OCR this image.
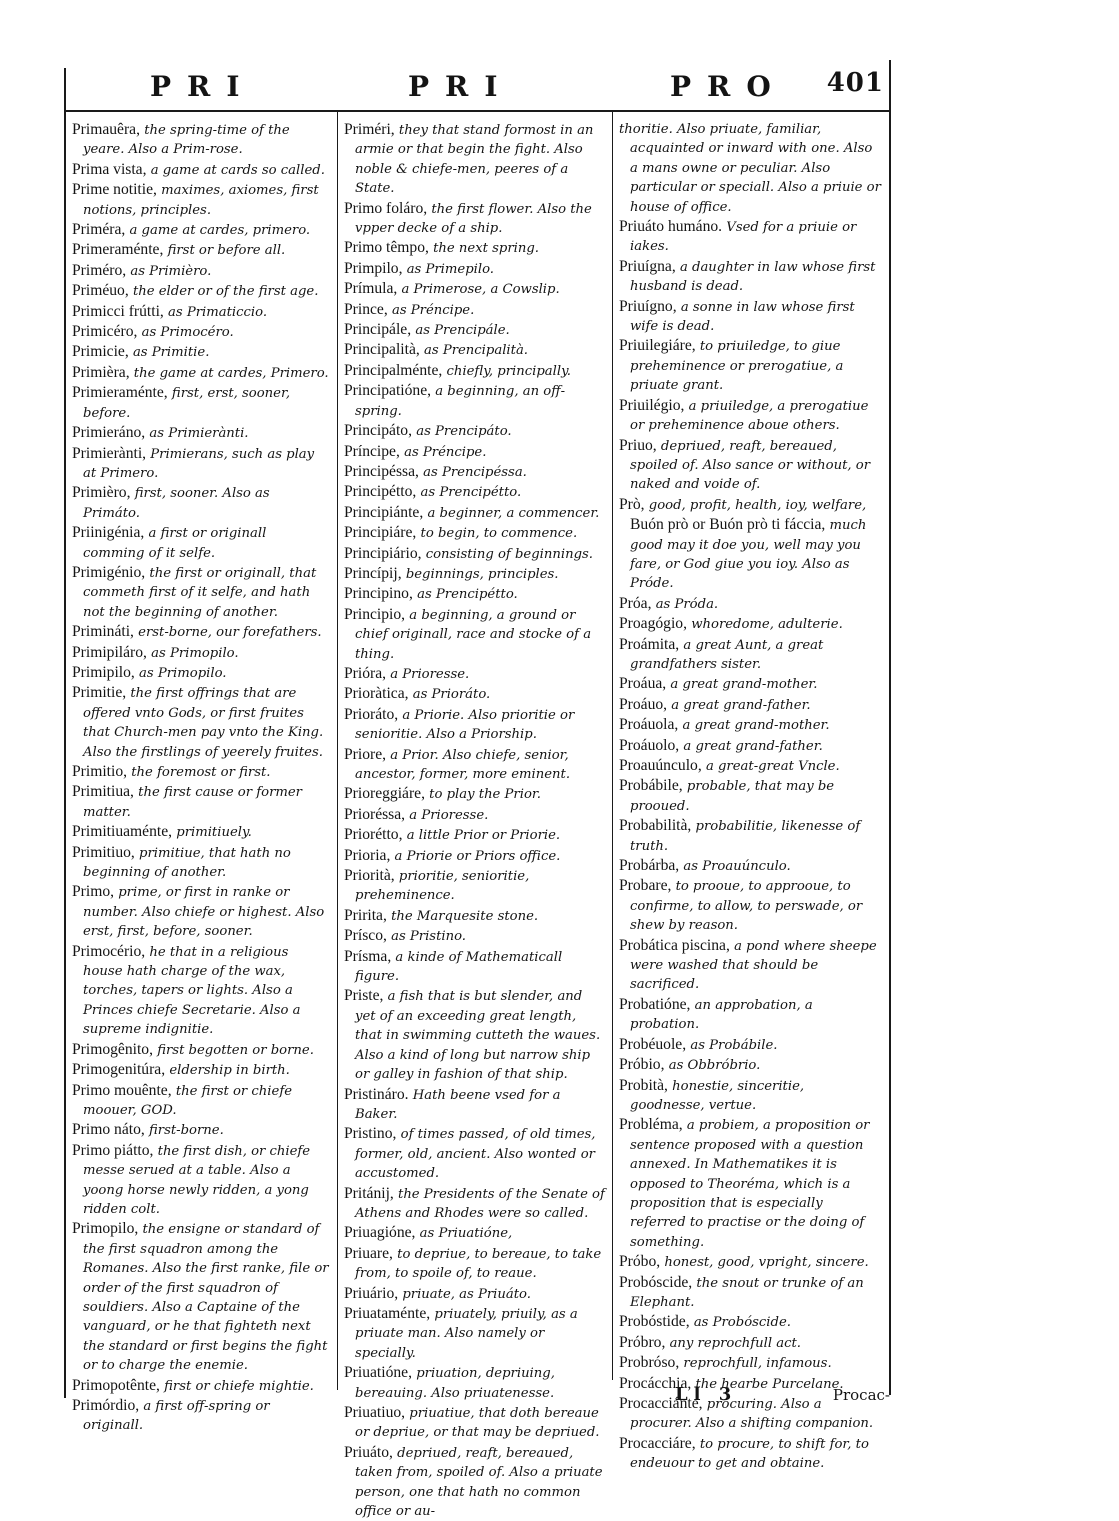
PRI	PRI	PRO 401

Primauêra, the spring-time of the yeare. Also a Prim-rose.

Prima vista, a game at cards so called.

Prime notitie, maximes, axiomes, first notions, principles.

Priméra, a game at cardes, primero.

Primeraménte, first or before all.

Priméro, as Primièro.

Priméuo, the elder or of the first age.

Primicci frútti, as Primaticcio.

Primicéro, as Primocéro.

Primicie, as Primitie.

Primièra, the game at cardes, Primero.

Primieraménte, first, erst, sooner, before.

Primieráno, as Primierànti.

Primierànti, Primierans, such as play at Primero.

Primièro, first, sooner. Also as Primáto.

Priinigénia, a first or originall comming of it selfe.

Primigénio, the first or originall, that commeth first of it selfe, and hath not the beginning of another.

Primináti, erst-borne, our forefathers.

Primipiláro, as Primopilo.

Primipilo, as Primopilo.

Primitie, the first offrings that are offered vnto Gods, or first fruites that Church-men pay vnto the King. Also the firstlings of yeerely fruites.

Primitio, the foremost or first.

Primitiua, the first cause or former matter.

Primitiuaménte, primitiuely.

Primitiuo, primitiue, that hath no beginning of another.

Primo, prime, or first in ranke or number. Also chiefe or highest. Also erst, first, before, sooner.

Primocério, he that in a religious house hath charge of the wax, torches, tapers or lights. Also a Princes chiefe Secretarie. Also a supreme indignitie.

Primogênito, first begotten or borne.

Primogenitúra, eldership in birth.

Primo mouênte, the first or chiefe moouer, GOD.

Primo náto, first-borne.

Primo piátto, the first dish, or chiefe messe serued at a table. Also a yoong horse newly ridden, a yong ridden colt.

Primopilo, the ensigne or standard of the first squadron among the Romanes. Also the first ranke, file or order of the first squadron of souldiers. Also a Captaine of the vanguard, or he that fighteth next the standard or first begins the fight or to charge the enemie.

Primopotênte, first or chiefe mightie.

Primórdio, a first off-spring or originall.

Priméri, they that stand formost in an armie or that begin the fight. Also noble & chiefe-men, peeres of a State.

Primo foláro, the first flower. Also the vpper decke of a ship.

Primo têmpo, the next spring.

Primpilo, as Primepilo.

Prímula, a Primerose, a Cowslip.

Prince, as Préncipe.

Principále, as Prencipále.

Principalità, as Prencipalità.

Principalménte, chiefly, principally.

Principatióne, a beginning, an off-spring.

Principáto, as Prencipáto.

Príncipe, as Préncipe.

Principéssa, as Prencipéssa.

Principétto, as Prencipétto.

Principiánte, a beginner, a commencer.

Principiáre, to begin, to commence.

Principiário, consisting of beginnings.

Princípij, beginnings, principles.

Principino, as Prencipétto.

Principio, a beginning, a ground or chief originall, race and stocke of a thing.

Prióra, a Prioresse.

Prioràtica, as Prioráto.

Prioráto, a Priorie. Also prioritie or senioritie. Also a Priorship.

Priore, a Prior. Also chiefe, senior, ancestor, former, more eminent.

Prioreggiáre, to play the Prior.

Prioréssa, a Prioresse.

Priorétto, a little Prior or Priorie.

Prioria, a Priorie or Priors office.

Priorità, prioritie, senioritie, preheminence.

Pririta, the Marquesite stone.

Prísco, as Pristino.

Prísma, a kinde of Mathematicall figure.

Priste, a fish that is but slender, and yet of an exceeding great length, that in swimming cutteth the waues. Also a kind of long but narrow ship or galley in fashion of that ship.

Pristináro. Hath beene vsed for a Baker.

Pristino, of times passed, of old times, former, old, ancient. Also wonted or accustomed.

Pritánij, the Presidents of the Senate of Athens and Rhodes were so called.

Priuagióne, as Priuatióne,

Priuare, to depriue, to bereaue, to take from, to spoile of, to reaue.

Priuário, priuate, as Priuáto.

Priuataménte, priuately, priuily, as a priuate man. Also namely or specially.

Priuatióne, priuation, depriuing, bereauing. Also priuatenesse.

Priuatiuo, priuatiue, that doth bereaue or depriue, or that may be depriued.

Priuáto, depriued, reaft, bereaued, taken from, spoiled of. Also a priuate person, one that hath no common office or au-

thoritie. Also priuate, familiar, acquainted or inward with one. Also a mans owne or peculiar. Also particular or speciall. Also a priuie or house of office.

Priuáto humáno. Vsed for a priuie or iakes.

Priuígna, a daughter in law whose first husband is dead.

Priuígno, a sonne in law whose first wife is dead.

Priuilegiáre, to priuiledge, to giue preheminence or prerogatiue, a priuate grant.

Priuilégio, a priuiledge, a prerogatiue or preheminence aboue others.

Priuo, depriued, reaft, bereaued, spoiled of. Also sance or without, or naked and voide of.

Prò, good, profit, health, ioy, welfare, Buón prò or Buón prò ti fáccia, much good may it doe you, well may you fare, or God giue you ioy. Also as Próde.

Próa, as Próda.

Proagógio, whoredome, adulterie.

Proámita, a great Aunt, a great grandfathers sister.

Proáua, a great grand-mother.

Proáuo, a great grand-father.

Proáuola, a great grand-mother.

Proáuolo, a great grand-father.

Proauúnculo, a great-great Vncle.

Probábile, probable, that may be prooued.

Probabilità, probabilitie, likenesse of truth.

Probárba, as Proauúnculo.

Probare, to prooue, to approoue, to confirme, to allow, to perswade, or shew by reason.

Probática piscina, a pond where sheepe were washed that should be sacrificed.

Probatióne, an approbation, a probation.

Probéuole, as Probábile.

Próbio, as Obbróbrio.

Probità, honestie, sinceritie, goodnesse, vertue.

Probléma, a probiem, a proposition or sentence proposed with a question annexed. In Mathematikes it is opposed to Theoréma, which is a proposition that is especially referred to practise or the doing of something.

Próbo, honest, good, vpright, sincere.

Probóscide, the snout or trunke of an Elephant.

Probóstide, as Probóscide.

Próbro, any reprochfull act.

Probróso, reprochfull, infamous.

Procácchia, the hearbe Purcelane.

Procacciánte, procuring. Also a procurer. Also a shifting companion.

Procacciáre, to procure, to shift for, to endeuour to get and obtaine.

Ll 3	Procac-
